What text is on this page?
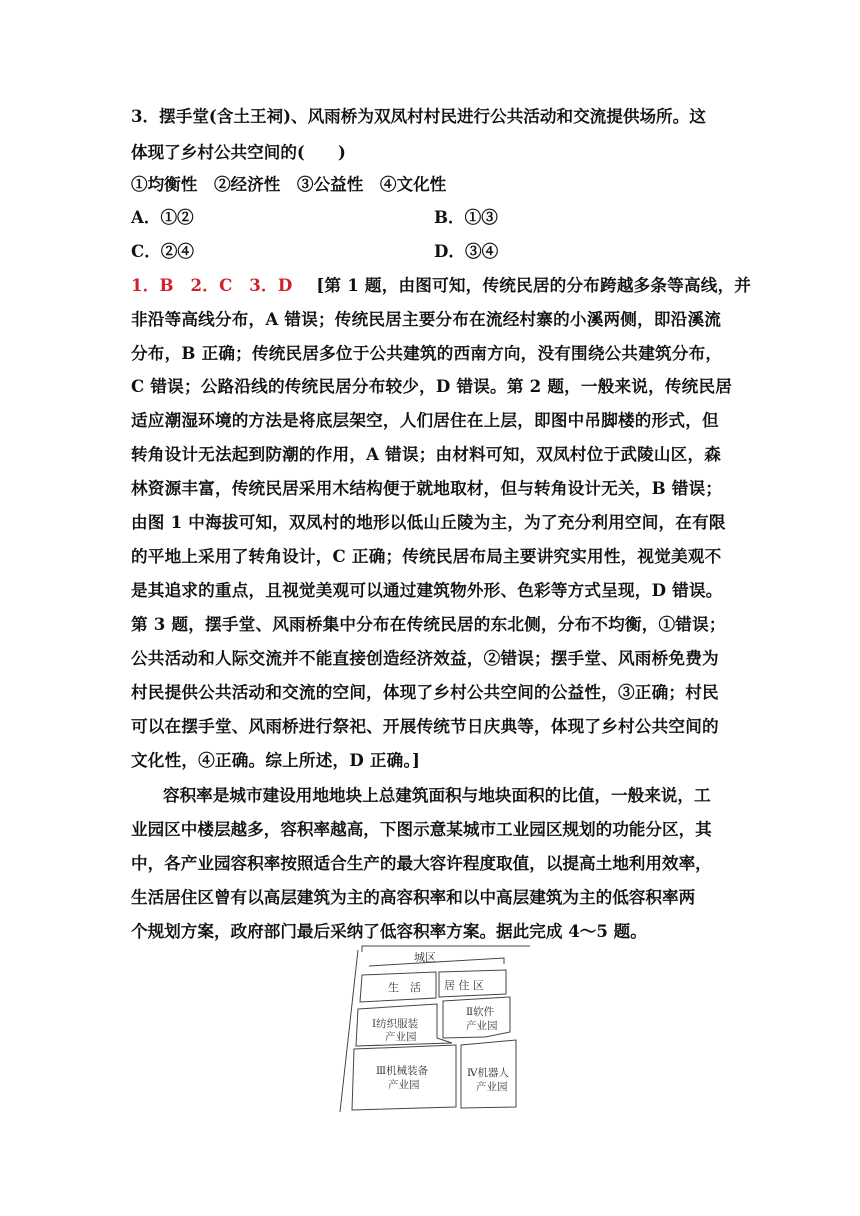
3．摆手堂(含土王祠)、风雨桥为双凤村村民进行公共活动和交流提供场所。这
体现了乡村公共空间的(　　)
①均衡性　②经济性　③公益性　④文化性
A．①②	B．①③
C．②④	D．③④
1．B　2．C　3．D [第 1 题，由图可知，传统民居的分布跨越多条等高线，并
非沿等高线分布，A 错误；传统民居主要分布在流经村寨的小溪两侧，即沿溪流
分布，B 正确；传统民居多位于公共建筑的西南方向，没有围绕公共建筑分布，
C 错误；公路沿线的传统民居分布较少，D 错误。第 2 题，一般来说，传统民居
适应潮湿环境的方法是将底层架空，人们居住在上层，即图中吊脚楼的形式，但
转角设计无法起到防潮的作用，A 错误；由材料可知，双凤村位于武陵山区，森
林资源丰富，传统民居采用木结构便于就地取材，但与转角设计无关，B 错误；
由图 1 中海拔可知，双凤村的地形以低山丘陵为主，为了充分利用空间，在有限
的平地上采用了转角设计，C 正确；传统民居布局主要讲究实用性，视觉美观不
是其追求的重点，且视觉美观可以通过建筑物外形、色彩等方式呈现，D 错误。
第 3 题，摆手堂、风雨桥集中分布在传统民居的东北侧，分布不均衡，①错误；
公共活动和人际交流并不能直接创造经济效益，②错误；摆手堂、风雨桥免费为
村民提供公共活动和交流的空间，体现了乡村公共空间的公益性，③正确；村民
可以在摆手堂、风雨桥进行祭祀、开展传统节日庆典等，体现了乡村公共空间的
文化性，④正确。综上所述，D 正确。]
容积率是城市建设用地地块上总建筑面积与地块面积的比值，一般来说，工
业园区中楼层越多，容积率越高，下图示意某城市工业园区规划的功能分区，其
中，各产业园容积率按照适合生产的最大容许程度取值，以提高土地利用效率，
生活居住区曾有以高层建筑为主的高容积率和以中高层建筑为主的低容积率两
个规划方案，政府部门最后采纳了低容积率方案。据此完成 4～5 题。
城区
生　活 居 住 区
Ⅰ纺织服装
产业园
Ⅱ软件
产业园
Ⅲ机械装备
产业园
Ⅳ机器人
产业园
